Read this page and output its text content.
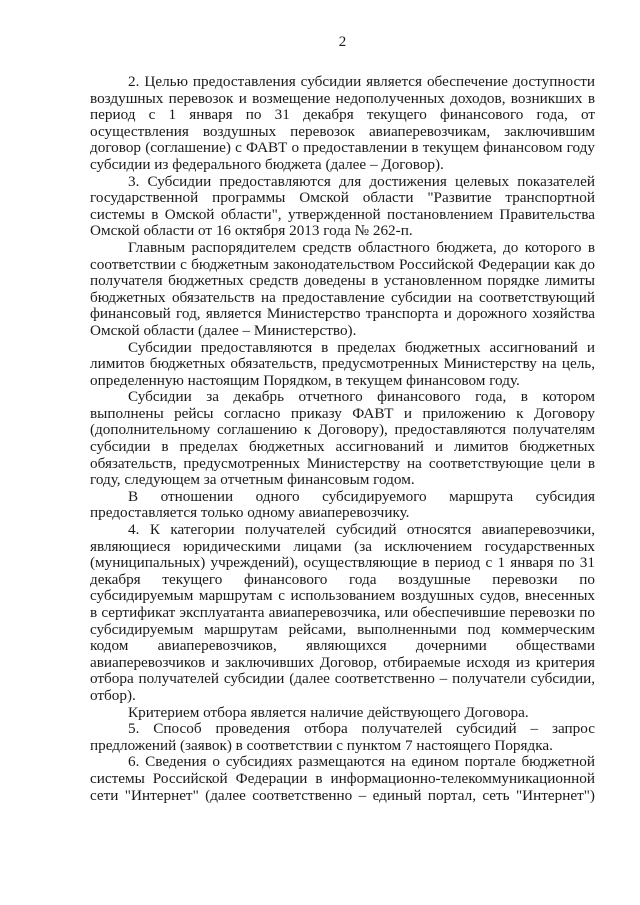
2

2. Целью предоставления субсидии является обеспечение доступности воздушных перевозок и возмещение недополученных доходов, возникших в период с 1 января по 31 декабря текущего финансового года, от осуществления воздушных перевозок авиаперевозчикам, заключившим договор (соглашение) с ФАВТ о предоставлении в текущем финансовом году субсидии из федерального бюджета (далее – Договор).

3. Субсидии предоставляются для достижения целевых показателей государственной программы Омской области "Развитие транспортной системы в Омской области", утвержденной постановлением Правительства Омской области от 16 октября 2013 года № 262-п.

Главным распорядителем средств областного бюджета, до которого в соответствии с бюджетным законодательством Российской Федерации как до получателя бюджетных средств доведены в установленном порядке лимиты бюджетных обязательств на предоставление субсидии на соответствующий финансовый год, является Министерство транспорта и дорожного хозяйства Омской области (далее – Министерство).

Субсидии предоставляются в пределах бюджетных ассигнований и лимитов бюджетных обязательств, предусмотренных Министерству на цель, определенную настоящим Порядком, в текущем финансовом году.

Субсидии за декабрь отчетного финансового года, в котором выполнены рейсы согласно приказу ФАВТ и приложению к Договору (дополнительному соглашению к Договору), предоставляются получателям субсидии в пределах бюджетных ассигнований и лимитов бюджетных обязательств, предусмотренных Министерству на соответствующие цели в году, следующем за отчетным финансовым годом.

В отношении одного субсидируемого маршрута субсидия предоставляется только одному авиаперевозчику.

4. К категории получателей субсидий относятся авиаперевозчики, являющиеся юридическими лицами (за исключением государственных (муниципальных) учреждений), осуществляющие в период с 1 января по 31 декабря текущего финансового года воздушные перевозки по субсидируемым маршрутам с использованием воздушных судов, внесенных в сертификат эксплуатанта авиаперевозчика, или обеспечившие перевозки по субсидируемым маршрутам рейсами, выполненными под коммерческим кодом авиаперевозчиков, являющихся дочерними обществами авиаперевозчиков и заключивших Договор, отбираемые исходя из критерия отбора получателей субсидии (далее соответственно – получатели субсидии, отбор).

Критерием отбора является наличие действующего Договора.

5. Способ проведения отбора получателей субсидий – запрос предложений (заявок) в соответствии с пунктом 7 настоящего Порядка.

6. Сведения о субсидиях размещаются на едином портале бюджетной системы Российской Федерации в информационно-телекоммуникационной сети "Интернет" (далее соответственно – единый портал, сеть "Интернет")
